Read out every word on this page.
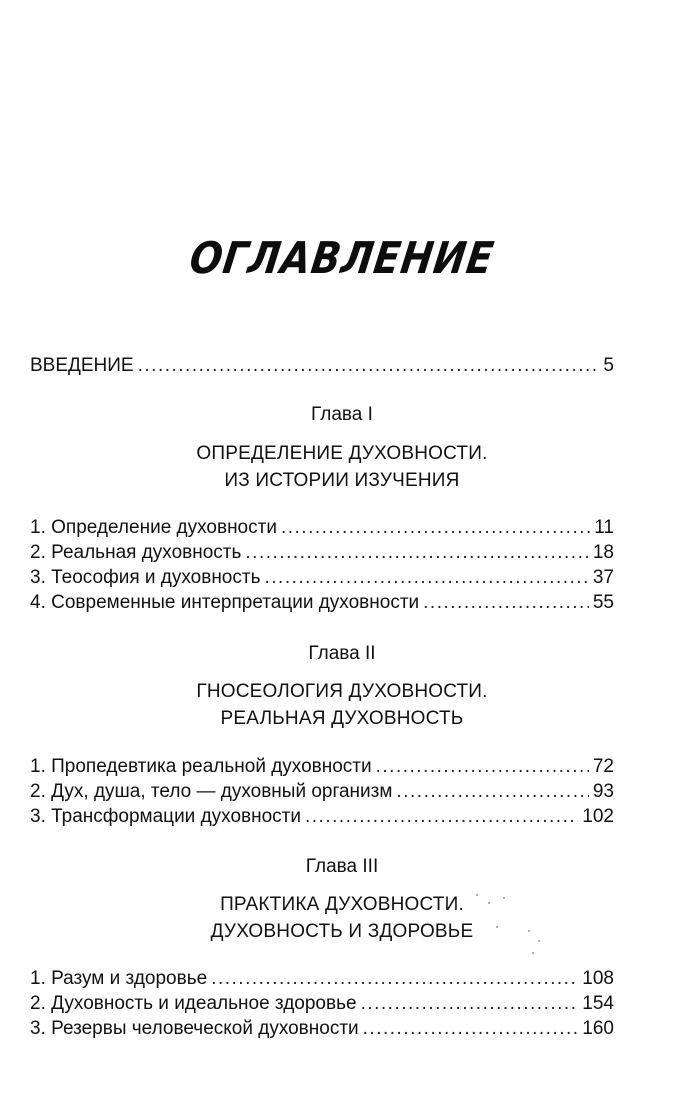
ОГЛАВЛЕНИЕ
ВВЕДЕНИЕ .....	5
Глава I
ОПРЕДЕЛЕНИЕ ДУХОВНОСТИ.
ИЗ ИСТОРИИ ИЗУЧЕНИЯ
1. Определение духовности .....	11
2. Реальная духовность .....	18
3. Теософия и духовность .....	37
4. Современные интерпретации духовности .....	55
Глава II
ГНОСЕОЛОГИЯ ДУХОВНОСТИ.
РЕАЛЬНАЯ ДУХОВНОСТЬ
1. Пропедевтика реальной духовности .....	72
2. Дух, душа, тело — духовный организм .....	93
3. Трансформации духовности .....	102
Глава III
ПРАКТИКА ДУХОВНОСТИ.
ДУХОВНОСТЬ И ЗДОРОВЬЕ
1. Разум и здоровье .....	108
2. Духовность и идеальное здоровье .....	154
3. Резервы человеческой духовности .....	160
